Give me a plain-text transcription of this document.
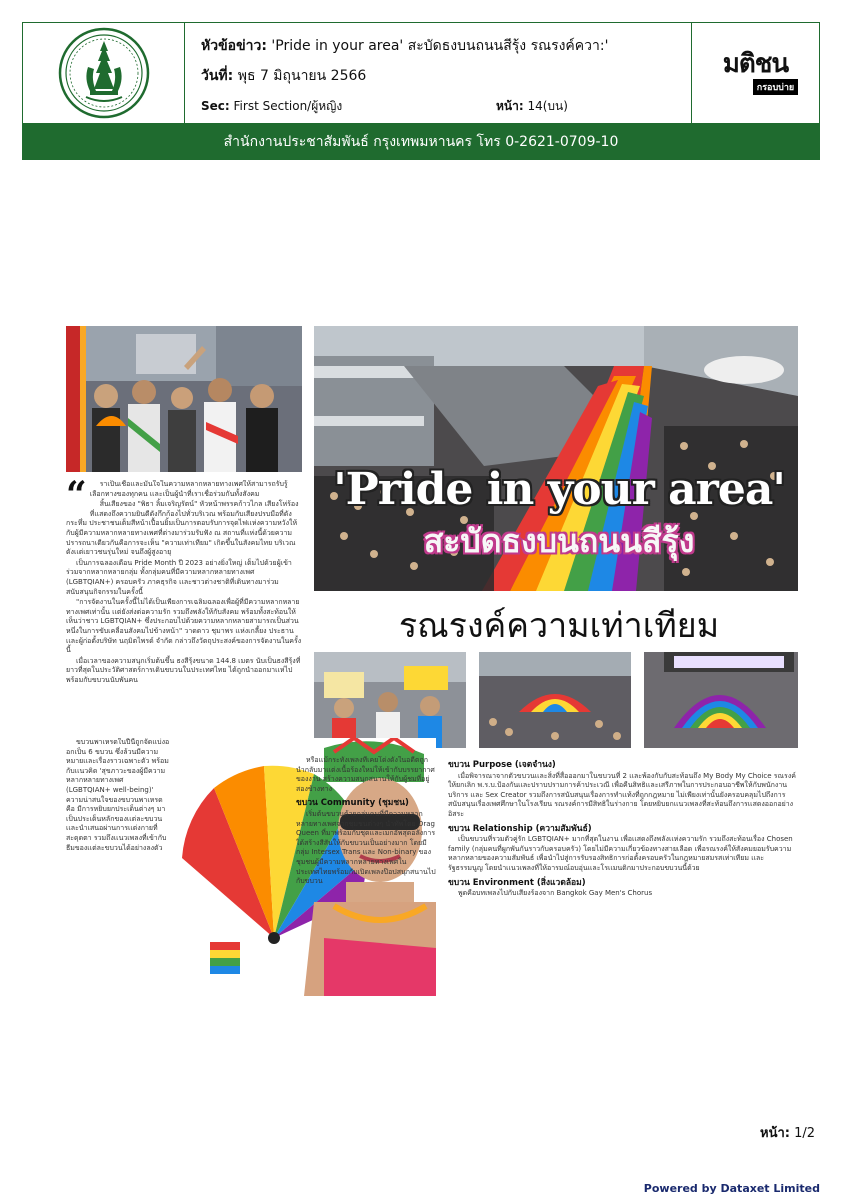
หัวข้อข่าว: 'Pride in your area' สะบัดธงบนถนนสีรุ้ง รณรงค์ควา:'
วันที่: พุธ 7 มิถุนายน 2566
Sec: First Section/ผู้หญิง	หน้า: 14(บน)
มติชน
กรอบบ่าย
สำนักงานประชาสัมพันธ์ กรุงเทพมหานคร โทร 0-2621-0709-10
'Pride in your area'
สะบัดธงบนถนนสีรุ้ง
รณรงค์ความเท่าเทียม
“	ราเป็นเชื่อเเละมั่นใจในความหลากหลายทางเพศให้สามารถรับรู้เลือกทางของทุกคน เเละเป็นผู้นำที่เราเชื่อร่วมกันทั้งสังคม

สิ้นเสียงของ "พิธา ลิ้มเจริญรัตน์" หัวหน้าพรรคก้าวไกล เสียงโห่ร้องที่เเสดงถึงความยินดีดังกึกก้องไปทั่วบริเวณ พร้อมกับเสียงปรบมือที่ดังกระหึ่ม ประชาชนเต็มสีหน้าเปื้อนยิ้มเป็นการตอบรับการจุดไฟเเห่งความหวังให้กับผู้มีความหลากหลายทางเพศที่ต่างมาร่วมรับฟัง ณ สถานที่เเห่งนี้ด้วยความปรารถนาเดียวกันคือการจะเห็น "ความเท่าเทียม" เกิดขึ้นในสังคมไทย บริเวณดังเเต่เยาวชนรุ่นใหม่ จนถึงผู้สูงอายุ

เป็นการฉลองเดือน Pride Month ปี 2023 อย่างยิ่งใหญ่ เต็มไปด้วยผู้เข้าร่วมจากหลากหลายกลุ่ม ทั้งกลุ่มคนที่มีความหลากหลายทางเพศ (LGBTQIAN+) ครอบครัว ภาคธุรกิจ เเละชาวต่างชาติที่เดินทางมาร่วมสนับสนุนกิจกรรมในครั้งนี้

"การจัดงานในครั้งนี้ไม่ได้เป็นเพียงการเฉลิมฉลองเพื่อผู้ที่มีความหลากหลายทางเพศเท่านั้น เเต่ยังส่งต่อความรัก รวมถึงพลังให้กับสังคม พร้อมทั้งสะท้อนให้เห็นว่าชาว LGBTQIAN+ ซึ่งประกอบไปด้วยความหลากหลายสามารถเป็นส่วนหนึ่งในการขับเคลื่อนสังคมไปข้างหน้า" วาดดาว ชุมาพร เเห่งเกลี้ยง ประธานเเละผู้ก่อตั้งบริษัท นฤมิตไพรด์ จำกัด กล่าวถึงวัตถุประสงค์ของการจัดงานในครั้งนี้

เมื่อเวลาของความสนุกเริ่มต้นขึ้น ธงสีรุ้งขนาด 144.8 เมตร นับเป็นธงสีรุ้งที่ยาวที่สุดในประวัติศาสตร์การเดินขบวนในประเทศไทย ได้ถูกนำออกมาเเห่ไปพร้อมกับขบวนนับพันคน

ขบวนพาเหรดในปีนี้ถูกจัดเเบ่งออกเป็น 6 ขบวน ซึ่งล้วนมีความหมายเเละเรื่องราวเฉพาะตัว พร้อมกับเเนวคิด 'สุขภาวะของผู้มีความหลากหลายทางเพศ (LGBTQIAN+ well-being)' ความน่าสนใจของขบวนพาเหรด คือ มีการหยิบยกประเด็นต่างๆ มาเป็นประเด็นหลักของเเต่ละขบวน เเละนำเสนอผ่านการเเต่งกายที่สะดุดตา รวมถึงเเนวเพลงที่เข้ากับธีมของเเต่ละขบวนได้อย่างลงตัว

หรือเเม้กระทั่งเพลงที่เคยโด่งดังในอดีตถูกนำกลับมาเเต่งเนื้อร้องใหม่ให้เข้ากับบรรยากาศของงาน สร้างความสนุกสนานให้กับผู้ชมที่อยู่สองข้างทาง

ขบวน Community (ชุมชน)

เริ่มต้นขบวนด้วยกลุ่มคนที่มีความหลากหลายทางเพศจากชุมชนต่างๆ นำทัพโดย Drag Queen ที่มาพร้อมกับชุดเเละเมกอัพสุดอลังการ ได้สร้างสีสันให้กับขบวนเป็นอย่างมาก โดยมีกลุ่ม Intersex Trans เเละ Non-binary ของชุมชนผู้มีความหลากหลายทางเพศในประเทศไทยพร้อมกับเปิดเพลงป๊อปสนุกสนานไปกับขบวน

ขบวน Purpose (เจตจำนง)

เมื่อพิจารณาจากตัวขบวนเเละสิ่งที่สื่อออกมาในขบวนที่ 2 เเละพ้องกับกับสะท้อนถึง My Body My Choice รณรงค์ให้ยกเลิก พ.ร.บ.ป้องกันเเละปราบปรามการค้าประเวณี เพื่อคืนสิทธิเเละเสรีภาพในการประกอบอาชีพให้กับพนักงานบริการ เเละ Sex Creator รวมถึงการสนับสนุนเรื่องการทำเเท้งที่ถูกกฎหมาย ไม่เพียงเท่านั้นยังครอบคลุมไปถึงการสนับสนุนเรื่องเพศศึกษาในโรงเรียน รณรงค์การมีสิทธิในร่างกาย โดยหยิบยกเเนวเพลงที่สะท้อนถึงการเเสดงออกอย่างอิสระ

ขบวน Relationship (ความสัมพันธ์)

เป็นขบวนที่รวมตัวคู่รัก LGBTQIAN+ มากที่สุดในงาน เพื่อเเสดงถึงพลังเเห่งความรัก รวมถึงสะท้อนเรื่อง Chosen family (กลุ่มคนที่ผูกพันกันราวกับครอบครัว) โดยไม่มีความเกี่ยวข้องทางสายเลือด เพื่อรณรงค์ให้สังคมยอมรับความหลากหลายของความสัมพันธ์ เพื่อนำไปสู่การรับรองสิทธิการก่อตั้งครอบครัวในกฎหมายสมรสเท่าเทียม เเละรัฐธรรมนูญ โดยนำเเนวเพลงที่ให้อารมณ์อบอุ่นเเละโรเเมนติกมาประกอบขบวนนี้ด้วย

ขบวน Environment (สิ่งแวดล้อม)

พูดคือบทเพลงไปกับเสียงร้องจาก Bangkok Gay Men's Chorus

หน้า: 1/2
Powered by Dataxet Limited
